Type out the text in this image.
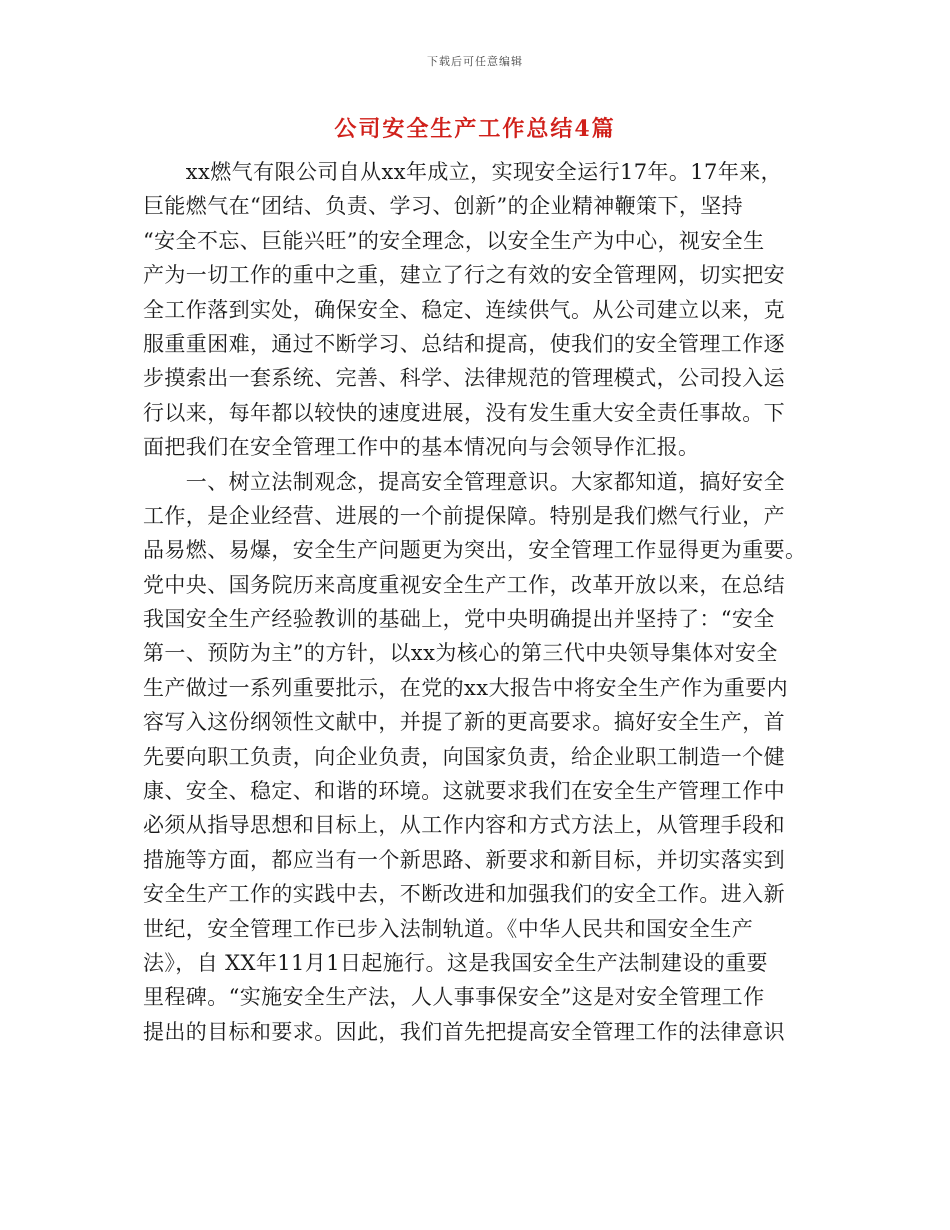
下载后可任意编辑
公司安全生产工作总结4篇
　　xx燃气有限公司自从xx年成立，实现安全运行17年。17年来，
巨能燃气在“团结、负责、学习、创新”的企业精神鞭策下，坚持
“安全不忘、巨能兴旺”的安全理念，以安全生产为中心，视安全生
产为一切工作的重中之重，建立了行之有效的安全管理网，切实把安
全工作落到实处，确保安全、稳定、连续供气。从公司建立以来，克
服重重困难，通过不断学习、总结和提高，使我们的安全管理工作逐
步摸索出一套系统、完善、科学、法律规范的管理模式，公司投入运
行以来，每年都以较快的速度进展，没有发生重大安全责任事故。下
面把我们在安全管理工作中的基本情况向与会领导作汇报。
　　一、树立法制观念，提高安全管理意识。大家都知道，搞好安全
工作，是企业经营、进展的一个前提保障。特别是我们燃气行业，产
品易燃、易爆，安全生产问题更为突出，安全管理工作显得更为重要。
党中央、国务院历来高度重视安全生产工作，改革开放以来，在总结
我国安全生产经验教训的基础上，党中央明确提出并坚持了：“安全
第一、预防为主”的方针，以xx为核心的第三代中央领导集体对安全
生产做过一系列重要批示，在党的xx大报告中将安全生产作为重要内
容写入这份纲领性文献中，并提了新的更高要求。搞好安全生产，首
先要向职工负责，向企业负责，向国家负责，给企业职工制造一个健
康、安全、稳定、和谐的环境。这就要求我们在安全生产管理工作中
必须从指导思想和目标上，从工作内容和方式方法上，从管理手段和
措施等方面，都应当有一个新思路、新要求和新目标，并切实落实到
安全生产工作的实践中去，不断改进和加强我们的安全工作。进入新
世纪，安全管理工作已步入法制轨道。《中华人民共和国安全生产
法》，自 XX年11月1日起施行。这是我国安全生产法制建设的重要
里程碑。“实施安全生产法，人人事事保安全”这是对安全管理工作
提出的目标和要求。因此，我们首先把提高安全管理工作的法律意识
